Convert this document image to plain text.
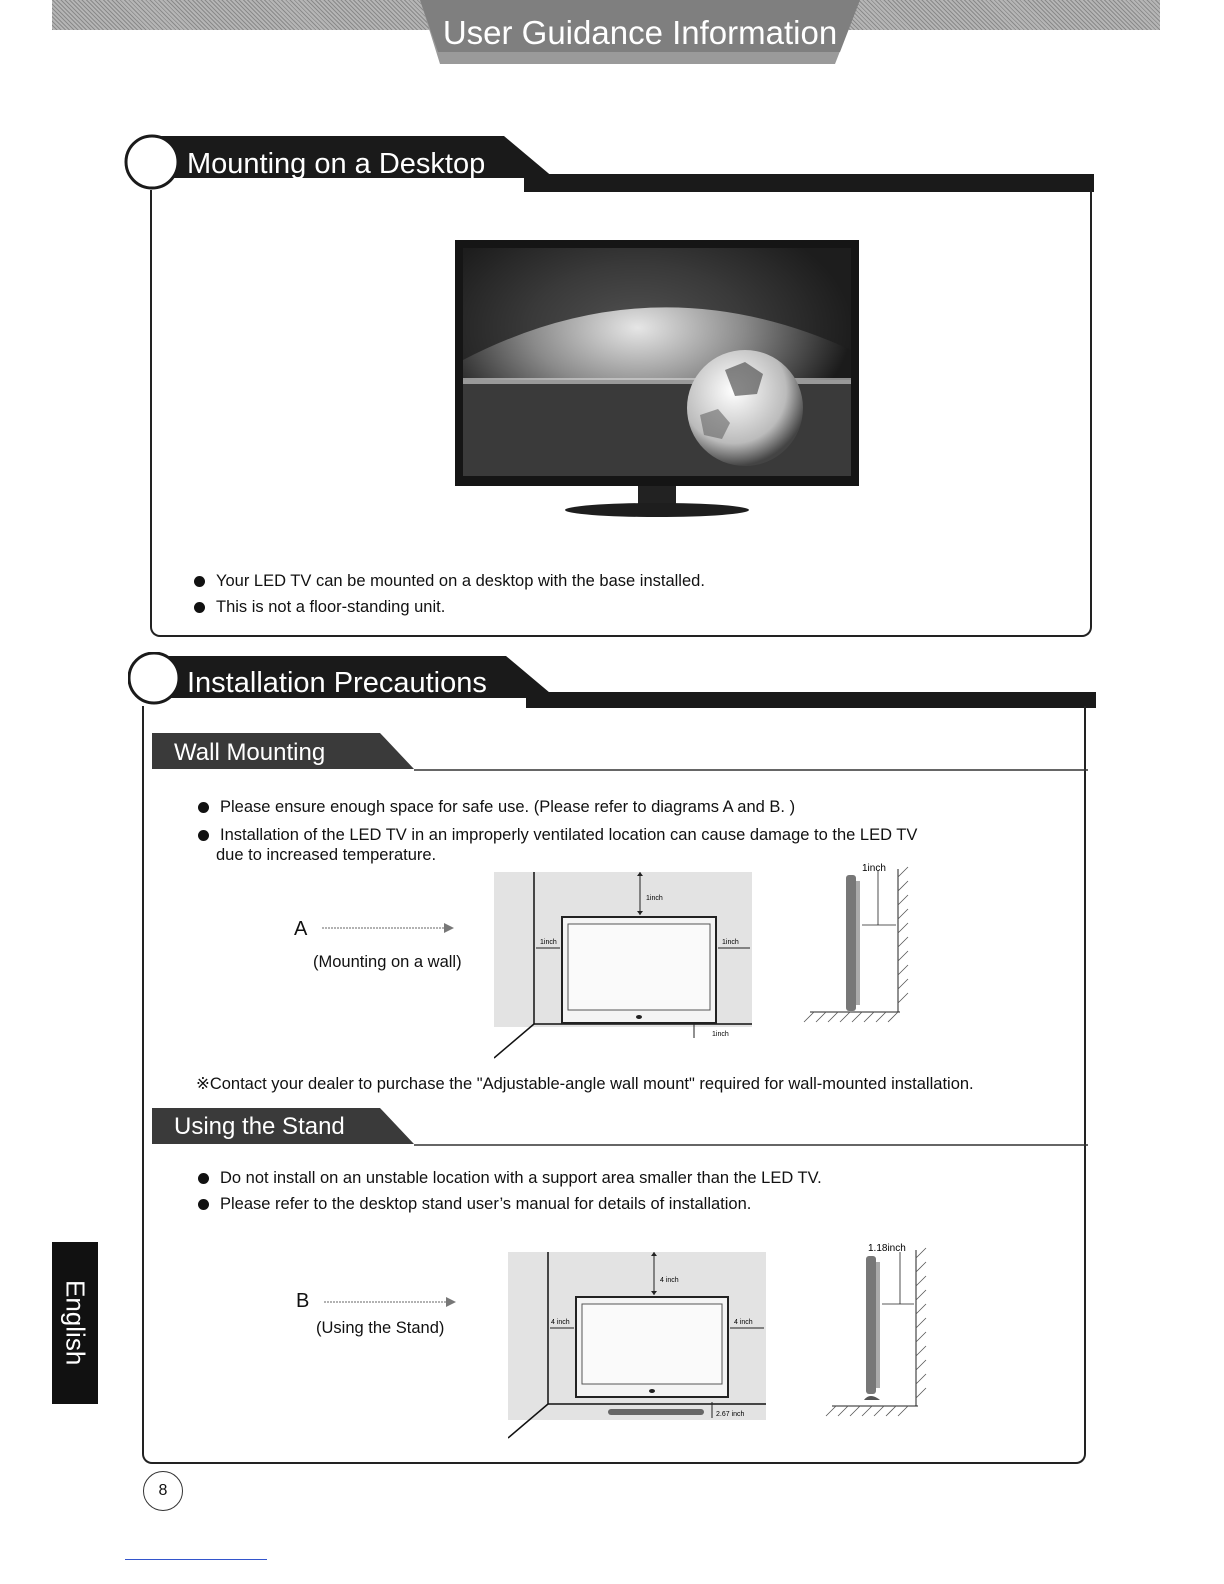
User Guidance Information
Mounting on a Desktop
Your LED TV can be mounted on a desktop with the base installed.
This is not a floor-standing unit.
Installation Precautions
Wall Mounting
Please ensure enough space for safe use. (Please refer to diagrams A and B. )
Installation of the LED TV in an improperly ventilated location can cause damage to the LED TV
due to increased temperature.
A
(Mounting on a wall)
1inch
1inch	1inch
1inch
1inch
※Contact your dealer to purchase the "Adjustable-angle wall mount" required for wall-mounted installation.
Using the Stand
Do not install on an unstable location with a support area smaller than the LED TV.
Please refer to the desktop stand user’s manual for details of installation.
B
(Using the Stand)
4 inch
4 inch	4 inch
2.67 inch
1.18inch
English
8
